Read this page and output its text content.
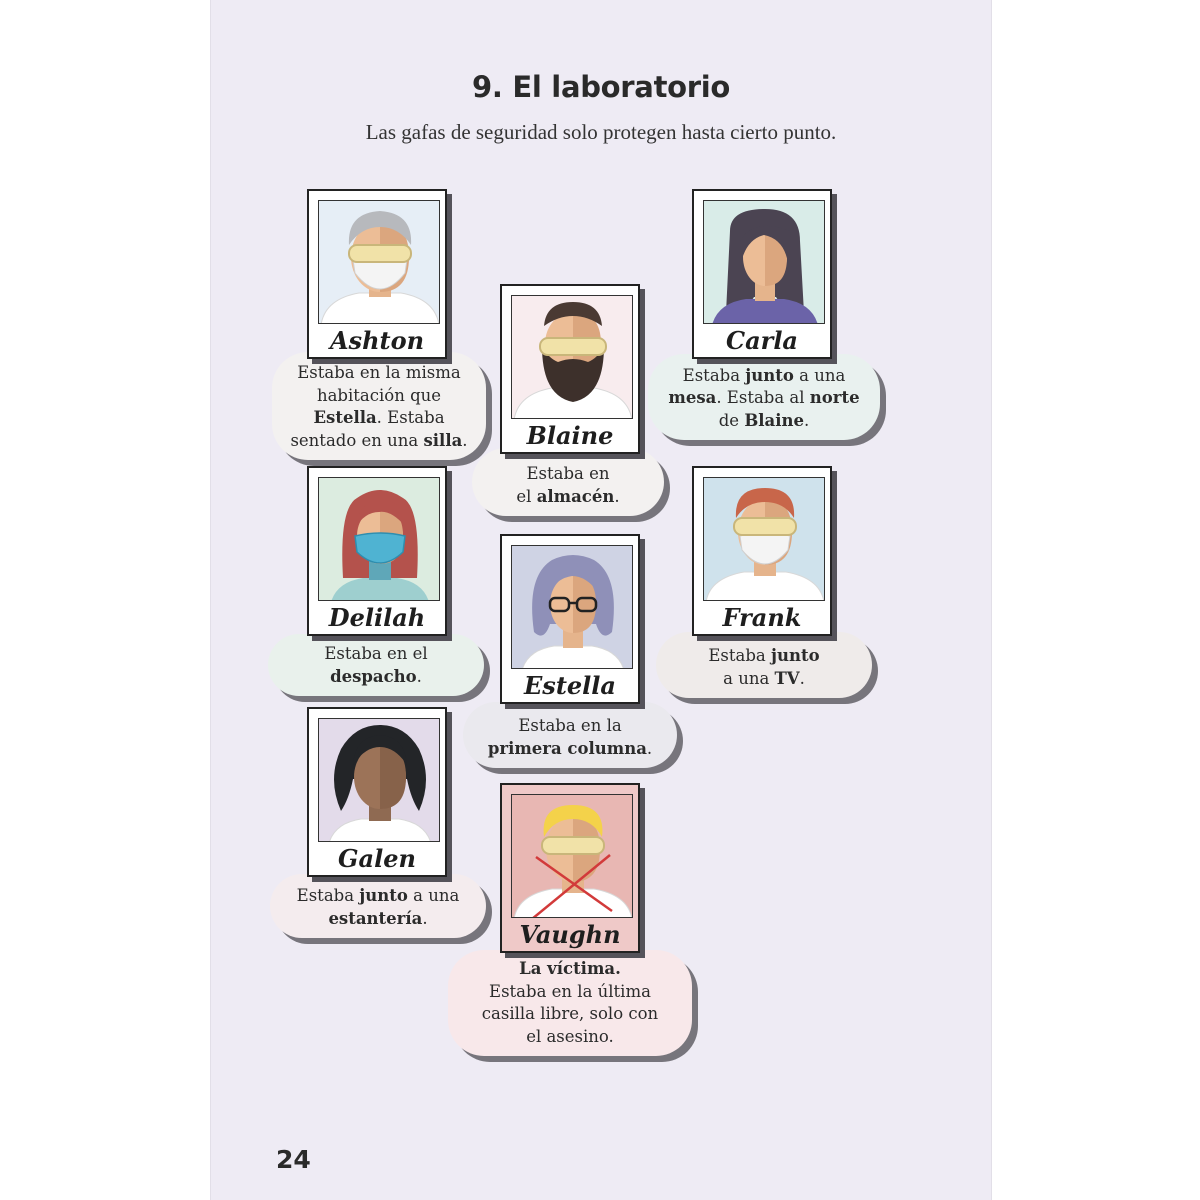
9. El laboratorio
Las gafas de seguridad solo protegen hasta cierto punto.
24
Estaba en la misma
habitación que
Estella. Estaba
sentado en una silla.
Ashton
Estaba en
el almacén.
Blaine
Estaba junto a una
mesa. Estaba al norte
de Blaine.
Carla
Estaba en el
despacho.
Delilah
Estaba en la
primera columna.
Estella
Estaba junto
a una TV.
Frank
Estaba junto a una
estantería.
Galen
La víctima.
Estaba en la última
casilla libre, solo con
el asesino.
Vaughn
